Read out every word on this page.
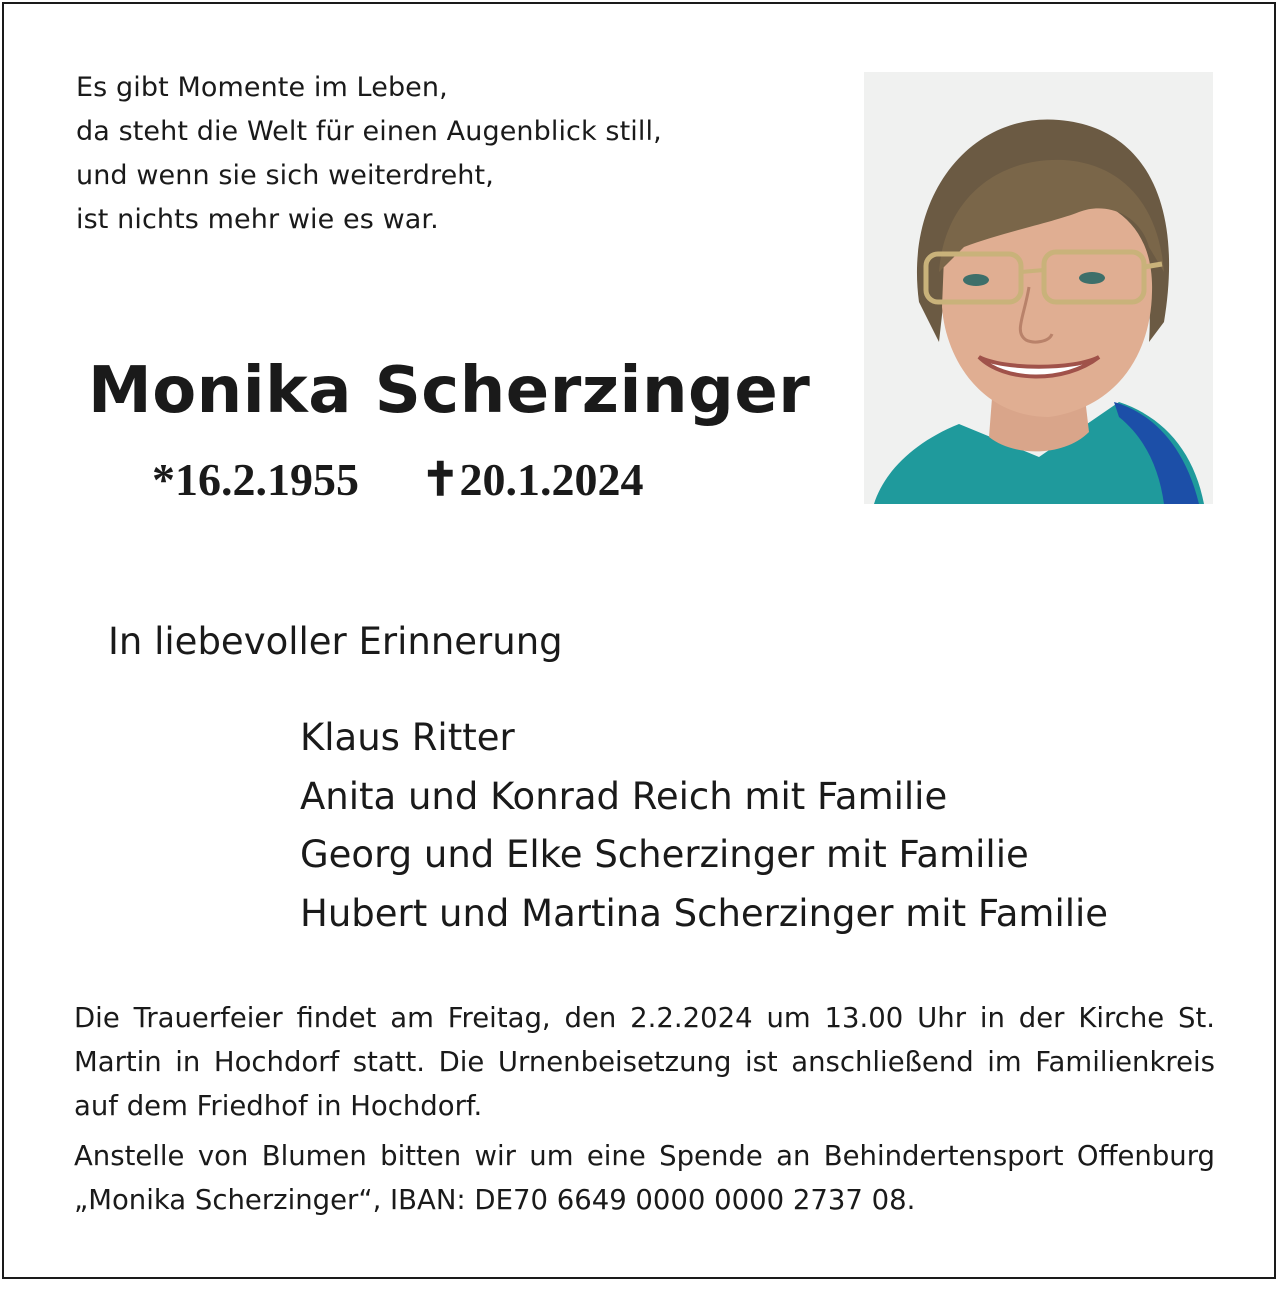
Es gibt Momente im Leben,
da steht die Welt für einen Augenblick still,
und wenn sie sich weiterdreht,
ist nichts mehr wie es war.
Monika Scherzinger
*16.2.1955 ✝20.1.2024
In liebevoller Erinnerung
Klaus Ritter
Anita und Konrad Reich mit Familie
Georg und Elke Scherzinger mit Familie
Hubert und Martina Scherzinger mit Familie
Die Trauerfeier findet am Freitag, den 2.2.2024 um 13.00 Uhr in der Kirche St. Martin in Hochdorf statt. Die Urnenbeisetzung ist anschließend im Familienkreis auf dem Friedhof in Hochdorf.
Anstelle von Blumen bitten wir um eine Spende an Behindertensport Offenburg „Monika Scherzinger“, IBAN: DE70 6649 0000 0000 2737 08.
